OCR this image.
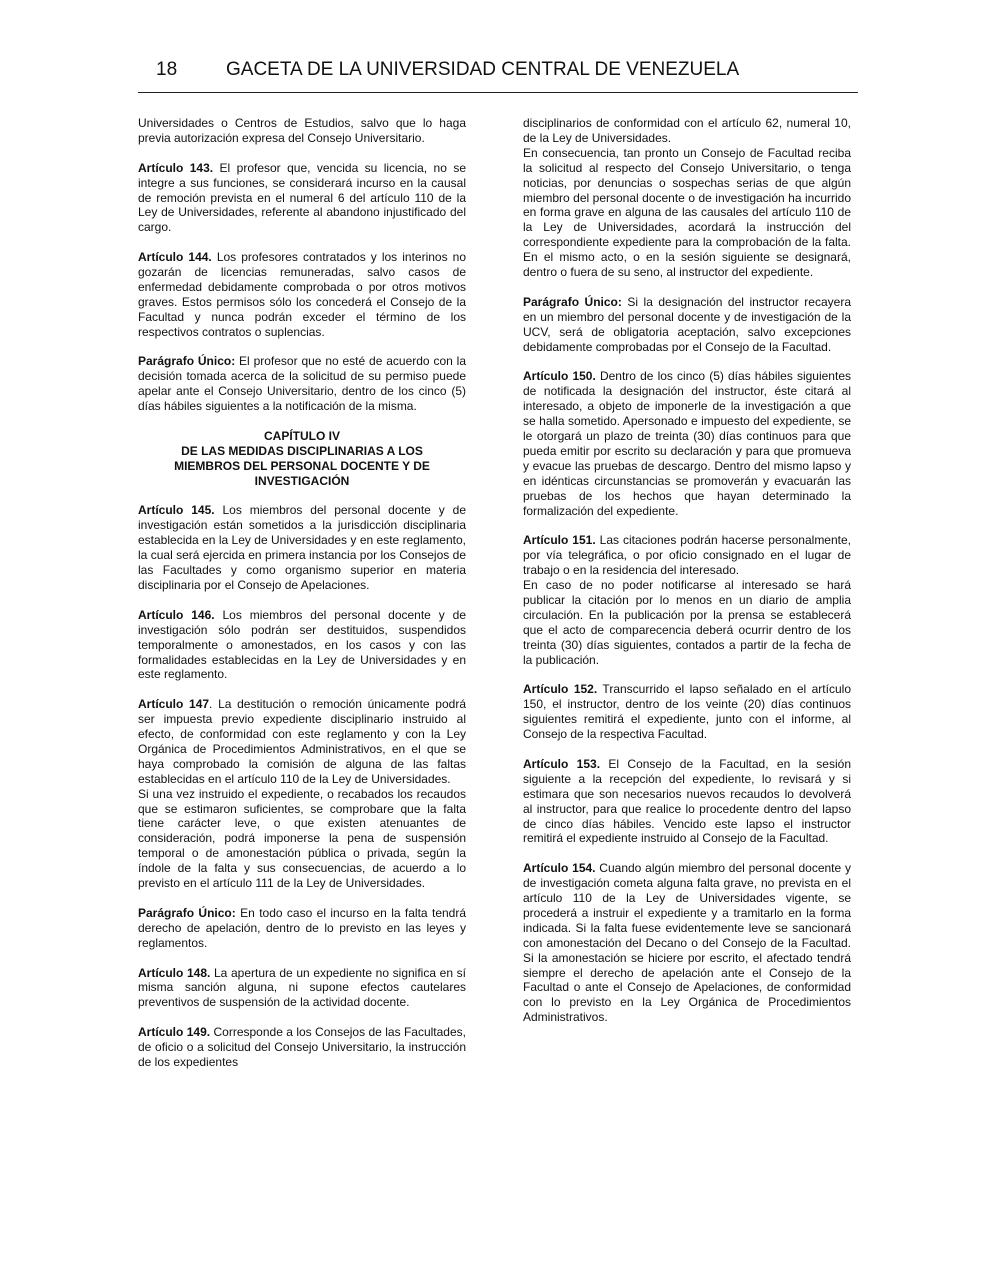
18	GACETA DE LA UNIVERSIDAD CENTRAL DE VENEZUELA

Universidades o Centros de Estudios, salvo que lo haga previa autorización expresa del Consejo Universitario.

Artículo 143. El profesor que, vencida su licencia, no se integre a sus funciones, se considerará incurso en la causal de remoción prevista en el numeral 6 del artículo 110 de la Ley de Universidades, referente al abandono injustificado del cargo.

Artículo 144. Los profesores contratados y los interinos no gozarán de licencias remuneradas, salvo casos de enfermedad debidamente comprobada o por otros motivos graves. Estos permisos sólo los concederá el Consejo de la Facultad y nunca podrán exceder el término de los respectivos contratos o suplencias.

Parágrafo Único: El profesor que no esté de acuerdo con la decisión tomada acerca de la solicitud de su permiso puede apelar ante el Consejo Universitario, dentro de los cinco (5) días hábiles siguientes a la notificación de la misma.

CAPÍTULO IV
DE LAS MEDIDAS DISCIPLINARIAS A LOS
MIEMBROS DEL PERSONAL DOCENTE Y DE
INVESTIGACIÓN

Artículo 145. Los miembros del personal docente y de investigación están sometidos a la jurisdicción disciplinaria establecida en la Ley de Universidades y en este reglamento, la cual será ejercida en primera instancia por los Consejos de las Facultades y como organismo superior en materia disciplinaria por el Consejo de Apelaciones.

Artículo 146. Los miembros del personal docente y de investigación sólo podrán ser destituidos, suspendidos temporalmente o amonestados, en los casos y con las formalidades establecidas en la Ley de Universidades y en este reglamento.

Artículo 147. La destitución o remoción únicamente podrá ser impuesta previo expediente disciplinario instruido al efecto, de conformidad con este reglamento y con la Ley Orgánica de Procedimientos Administrativos, en el que se haya comprobado la comisión de alguna de las faltas establecidas en el artículo 110 de la Ley de Universidades.

Si una vez instruido el expediente, o recabados los recaudos que se estimaron suficientes, se comprobare que la falta tiene carácter leve, o que existen atenuantes de consideración, podrá imponerse la pena de suspensión temporal o de amonestación pública o privada, según la índole de la falta y sus consecuencias, de acuerdo a lo previsto en el artículo 111 de la Ley de Universidades.

Parágrafo Único: En todo caso el incurso en la falta tendrá derecho de apelación, dentro de lo previsto en las leyes y reglamentos.

Artículo 148. La apertura de un expediente no significa en sí misma sanción alguna, ni supone efectos cautelares preventivos de suspensión de la actividad docente.

Artículo 149. Corresponde a los Consejos de las Facultades, de oficio o a solicitud del Consejo Universitario, la instrucción de los expedientes

disciplinarios de conformidad con el artículo 62, numeral 10, de la Ley de Universidades.

En consecuencia, tan pronto un Consejo de Facultad reciba la solicitud al respecto del Consejo Universitario, o tenga noticias, por denuncias o sospechas serias de que algún miembro del personal docente o de investigación ha incurrido en forma grave en alguna de las causales del artículo 110 de la Ley de Universidades, acordará la instrucción del correspondiente expediente para la comprobación de la falta. En el mismo acto, o en la sesión siguiente se designará, dentro o fuera de su seno, al instructor del expediente.

Parágrafo Único: Si la designación del instructor recayera en un miembro del personal docente y de investigación de la UCV, será de obligatoria aceptación, salvo excepciones debidamente comprobadas por el Consejo de la Facultad.

Artículo 150. Dentro de los cinco (5) días hábiles siguientes de notificada la designación del instructor, éste citará al interesado, a objeto de imponerle de la investigación a que se halla sometido. Apersonado e impuesto del expediente, se le otorgará un plazo de treinta (30) días continuos para que pueda emitir por escrito su declaración y para que promueva y evacue las pruebas de descargo. Dentro del mismo lapso y en idénticas circunstancias se promoverán y evacuarán las pruebas de los hechos que hayan determinado la formalización del expediente.

Artículo 151. Las citaciones podrán hacerse personalmente, por vía telegráfica, o por oficio consignado en el lugar de trabajo o en la residencia del interesado.

En caso de no poder notificarse al interesado se hará publicar la citación por lo menos en un diario de amplia circulación. En la publicación por la prensa se establecerá que el acto de comparecencia deberá ocurrir dentro de los treinta (30) días siguientes, contados a partir de la fecha de la publicación.

Artículo 152. Transcurrido el lapso señalado en el artículo 150, el instructor, dentro de los veinte (20) días continuos siguientes remitirá el expediente, junto con el informe, al Consejo de la respectiva Facultad.

Artículo 153. El Consejo de la Facultad, en la sesión siguiente a la recepción del expediente, lo revisará y si estimara que son necesarios nuevos recaudos lo devolverá al instructor, para que realice lo procedente dentro del lapso de cinco días hábiles. Vencido este lapso el instructor remitirá el expediente instruido al Consejo de la Facultad.

Artículo 154. Cuando algún miembro del personal docente y de investigación cometa alguna falta grave, no prevista en el artículo 110 de la Ley de Universidades vigente, se procederá a instruir el expediente y a tramitarlo en la forma indicada. Si la falta fuese evidentemente leve se sancionará con amonestación del Decano o del Consejo de la Facultad. Si la amonestación se hiciere por escrito, el afectado tendrá siempre el derecho de apelación ante el Consejo de la Facultad o ante el Consejo de Apelaciones, de conformidad con lo previsto en la Ley Orgánica de Procedimientos Administrativos.
